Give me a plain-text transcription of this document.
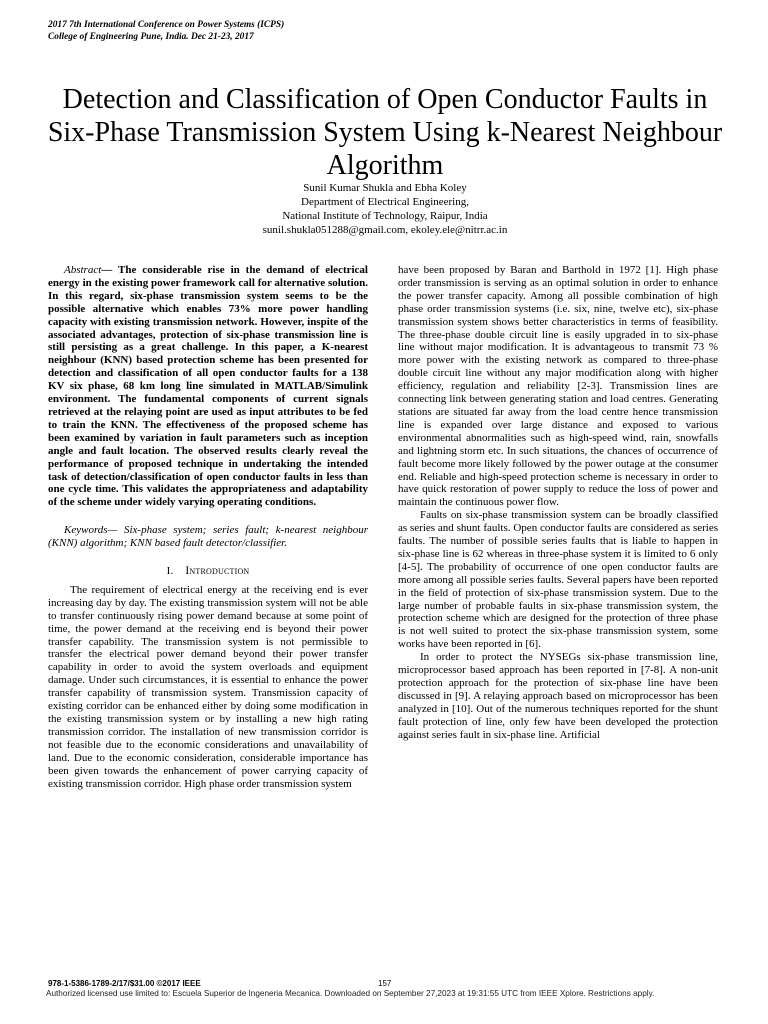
2017 7th International Conference on Power Systems (ICPS)
College of Engineering Pune, India. Dec 21-23, 2017
Detection and Classification of Open Conductor Faults in Six-Phase Transmission System Using k-Nearest Neighbour Algorithm
Sunil Kumar Shukla and Ebha Koley
Department of Electrical Engineering,
National Institute of Technology, Raipur, India
sunil.shukla051288@gmail.com, ekoley.ele@nitrr.ac.in

Abstract— The considerable rise in the demand of electrical energy in the existing power framework call for alternative solution. In this regard, six-phase transmission system seems to be the possible alternative which enables 73% more power handling capacity with existing transmission network. However, inspite of the associated advantages, protection of six-phase transmission line is still persisting as a great challenge. In this paper, a K-nearest neighbour (KNN) based protection scheme has been presented for detection and classification of all open conductor faults for a 138 KV six phase, 68 km long line simulated in MATLAB/Simulink environment. The fundamental components of current signals retrieved at the relaying point are used as input attributes to be fed to train the KNN. The effectiveness of the proposed scheme has been examined by variation in fault parameters such as inception angle and fault location. The observed results clearly reveal the performance of proposed technique in undertaking the intended task of detection/classification of open conductor faults in less than one cycle time. This validates the appropriateness and adaptability of the scheme under widely varying operating conditions.

Keywords— Six-phase system; series fault; k-nearest neighbour (KNN) algorithm; KNN based fault detector/classifier.

I. Introduction

The requirement of electrical energy at the receiving end is ever increasing day by day. The existing transmission system will not be able to transfer continuously rising power demand because at some point of time, the power demand at the receiving end is beyond their power transfer capability. The transmission system is not permissible to transfer the electrical power demand beyond their power transfer capability in order to avoid the system overloads and equipment damage. Under such circumstances, it is essential to enhance the power transfer capability of transmission system. Transmission capacity of existing corridor can be enhanced either by doing some modification in the existing transmission system or by installing a new high rating transmission corridor. The installation of new transmission corridor is not feasible due to the economic considerations and unavailability of land. Due to the economic consideration, considerable importance has been given towards the enhancement of power carrying capacity of existing transmission corridor. High phase order transmission system

have been proposed by Baran and Barthold in 1972 [1]. High phase order transmission is serving as an optimal solution in order to enhance the power transfer capacity. Among all possible combination of high phase order transmission systems (i.e. six, nine, twelve etc), six-phase transmission system shows better characteristics in terms of feasibility. The three-phase double circuit line is easily upgraded in to six-phase line without major modification. It is advantageous to transmit 73 % more power with the existing network as compared to three-phase double circuit line without any major modification along with higher efficiency, regulation and reliability [2-3]. Transmission lines are connecting link between generating station and load centres. Generating stations are situated far away from the load centre hence transmission line is expanded over large distance and exposed to various environmental abnormalities such as high-speed wind, rain, snowfalls and lightning storm etc. In such situations, the chances of occurrence of fault become more likely followed by the power outage at the consumer end. Reliable and high-speed protection scheme is necessary in order to have quick restoration of power supply to reduce the loss of power and maintain the continuous power flow.

Faults on six-phase transmission system can be broadly classified as series and shunt faults. Open conductor faults are considered as series faults. The number of possible series faults that is liable to happen in six-phase line is 62 whereas in three-phase system it is limited to 6 only [4-5]. The probability of occurrence of one open conductor faults are more among all possible series faults. Several papers have been reported in the field of protection of six-phase transmission system. Due to the large number of probable faults in six-phase transmission system, the protection scheme which are designed for the protection of three phase is not well suited to protect the six-phase transmission system, some works have been reported in [6].

In order to protect the NYSEGs six-phase transmission line, microprocessor based approach has been reported in [7-8]. A non-unit protection approach for the protection of six-phase line have been discussed in [9]. A relaying approach based on microprocessor has been analyzed in [10]. Out of the numerous techniques reported for the shunt fault protection of line, only few have been developed the protection against series fault in six-phase line. Artificial

978-1-5386-1789-2/17/$31.00 ©2017 IEEE	157
Authorized licensed use limited to: Escuela Superior de Ingeneria Mecanica. Downloaded on September 27,2023 at 19:31:55 UTC from IEEE Xplore. Restrictions apply.
